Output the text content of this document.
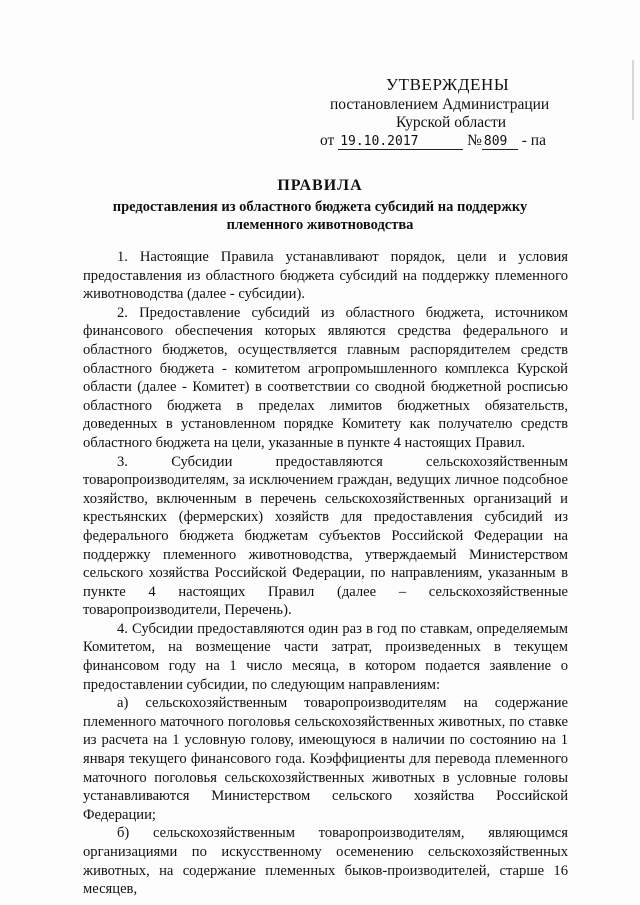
УТВЕРЖДЕНЫ
постановлением Администрации
Курской области
от 19.10.2017	№ 809 - па
ПРАВИЛА
предоставления из областного бюджета субсидий на поддержку
племенного животноводства

1. Настоящие Правила устанавливают порядок, цели и условия предоставления из областного бюджета субсидий на поддержку племенного животноводства (далее - субсидии).

2. Предоставление субсидий из областного бюджета, источником финансового обеспечения которых являются средства федерального и областного бюджетов, осуществляется главным распорядителем средств областного бюджета - комитетом агропромышленного комплекса Курской области (далее - Комитет) в соответствии со сводной бюджетной росписью областного бюджета в пределах лимитов бюджетных обязательств, доведенных в установленном порядке Комитету как получателю средств областного бюджета на цели, указанные в пункте 4 настоящих Правил.

3. Субсидии предоставляются сельскохозяйственным товаропроизводителям, за исключением граждан, ведущих личное подсобное хозяйство, включенным в перечень сельскохозяйственных организаций и крестьянских (фермерских) хозяйств для предоставления субсидий из федерального бюджета бюджетам субъектов Российской Федерации на поддержку племенного животноводства, утверждаемый Министерством сельского хозяйства Российской Федерации, по направлениям, указанным в пункте 4 настоящих Правил (далее – сельскохозяйственные товаропроизводители, Перечень).

4. Субсидии предоставляются один раз в год по ставкам, определяемым Комитетом, на возмещение части затрат, произведенных в текущем финансовом году на 1 число месяца, в котором подается заявление о предоставлении субсидии, по следующим направлениям:

а) сельскохозяйственным товаропроизводителям на содержание племенного маточного поголовья сельскохозяйственных животных, по ставке из расчета на 1 условную голову, имеющуюся в наличии по состоянию на 1 января текущего финансового года. Коэффициенты для перевода племенного маточного поголовья сельскохозяйственных животных в условные головы устанавливаются Министерством сельского хозяйства Российской Федерации;

б) сельскохозяйственным товаропроизводителям, являющимся организациями по искусственному осеменению сельскохозяйственных животных, на содержание племенных быков-производителей, старше 16 месяцев,
